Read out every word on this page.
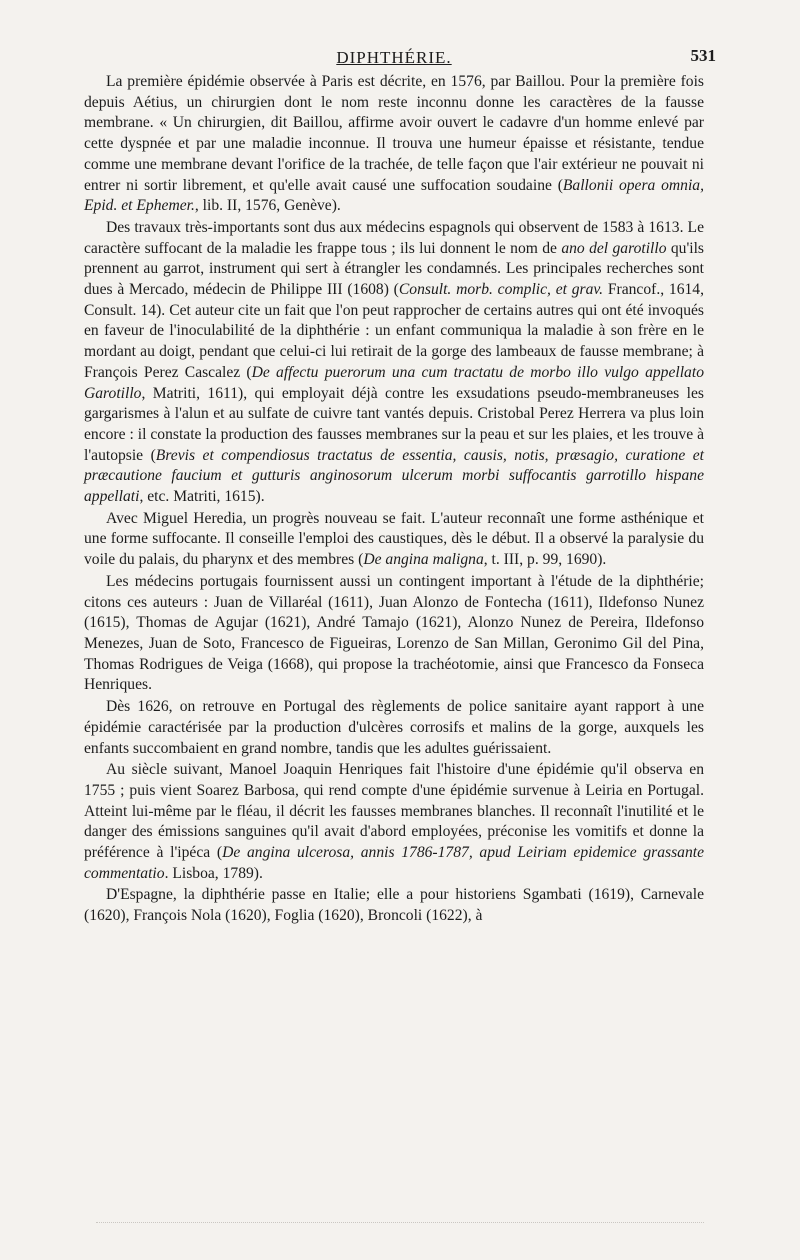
DIPHTHÉRIE.	531

La première épidémie observée à Paris est décrite, en 1576, par Baillou. Pour la première fois depuis Aétius, un chirurgien dont le nom reste inconnu donne les caractères de la fausse membrane. « Un chirurgien, dit Baillou, affirme avoir ouvert le cadavre d'un homme enlevé par cette dyspnée et par une maladie inconnue. Il trouva une humeur épaisse et résistante, tendue comme une membrane devant l'orifice de la trachée, de telle façon que l'air extérieur ne pouvait ni entrer ni sortir librement, et qu'elle avait causé une suffocation soudaine (Ballonii opera omnia, Epid. et Ephemer., lib. II, 1576, Genève).

Des travaux très-importants sont dus aux médecins espagnols qui observent de 1583 à 1613. Le caractère suffocant de la maladie les frappe tous ; ils lui donnent le nom de ano del garotillo qu'ils prennent au garrot, instrument qui sert à étrangler les condamnés. Les principales recherches sont dues à Mercado, médecin de Philippe III (1608) (Consult. morb. complic, et grav. Francof., 1614, Consult. 14). Cet auteur cite un fait que l'on peut rapprocher de certains autres qui ont été invoqués en faveur de l'inoculabilité de la diphthérie : un enfant communiqua la maladie à son frère en le mordant au doigt, pendant que celui-ci lui retirait de la gorge des lambeaux de fausse membrane; à François Perez Cascalez (De affectu puerorum una cum tractatu de morbo illo vulgo appellato Garotillo, Matriti, 1611), qui employait déjà contre les exsudations pseudo-membraneuses les gargarismes à l'alun et au sulfate de cuivre tant vantés depuis. Cristobal Perez Herrera va plus loin encore : il constate la production des fausses membranes sur la peau et sur les plaies, et les trouve à l'autopsie (Brevis et compendiosus tractatus de essentia, causis, notis, præsagio, curatione et præcautione faucium et gutturis anginosorum ulcerum morbi suffocantis garrotillo hispane appellati, etc. Matriti, 1615).

Avec Miguel Heredia, un progrès nouveau se fait. L'auteur reconnaît une forme asthénique et une forme suffocante. Il conseille l'emploi des caustiques, dès le début. Il a observé la paralysie du voile du palais, du pharynx et des membres (De angina maligna, t. III, p. 99, 1690).

Les médecins portugais fournissent aussi un contingent important à l'étude de la diphthérie; citons ces auteurs : Juan de Villaréal (1611), Juan Alonzo de Fontecha (1611), Ildefonso Nunez (1615), Thomas de Agujar (1621), André Tamajo (1621), Alonzo Nunez de Pereira, Ildefonso Menezes, Juan de Soto, Francesco de Figueiras, Lorenzo de San Millan, Geronimo Gil del Pina, Thomas Rodrigues de Veiga (1668), qui propose la trachéotomie, ainsi que Francesco da Fonseca Henriques.

Dès 1626, on retrouve en Portugal des règlements de police sanitaire ayant rapport à une épidémie caractérisée par la production d'ulcères corrosifs et malins de la gorge, auxquels les enfants succombaient en grand nombre, tandis que les adultes guérissaient.

Au siècle suivant, Manoel Joaquin Henriques fait l'histoire d'une épidémie qu'il observa en 1755 ; puis vient Soarez Barbosa, qui rend compte d'une épidémie survenue à Leiria en Portugal. Atteint lui-même par le fléau, il décrit les fausses membranes blanches. Il reconnaît l'inutilité et le danger des émissions sanguines qu'il avait d'abord employées, préconise les vomitifs et donne la préférence à l'ipéca (De angina ulcerosa, annis 1786-1787, apud Leiriam epidemice grassante commentatio. Lisboa, 1789).

D'Espagne, la diphthérie passe en Italie; elle a pour historiens Sgambati (1619), Carnevale (1620), François Nola (1620), Foglia (1620), Broncoli (1622), à
